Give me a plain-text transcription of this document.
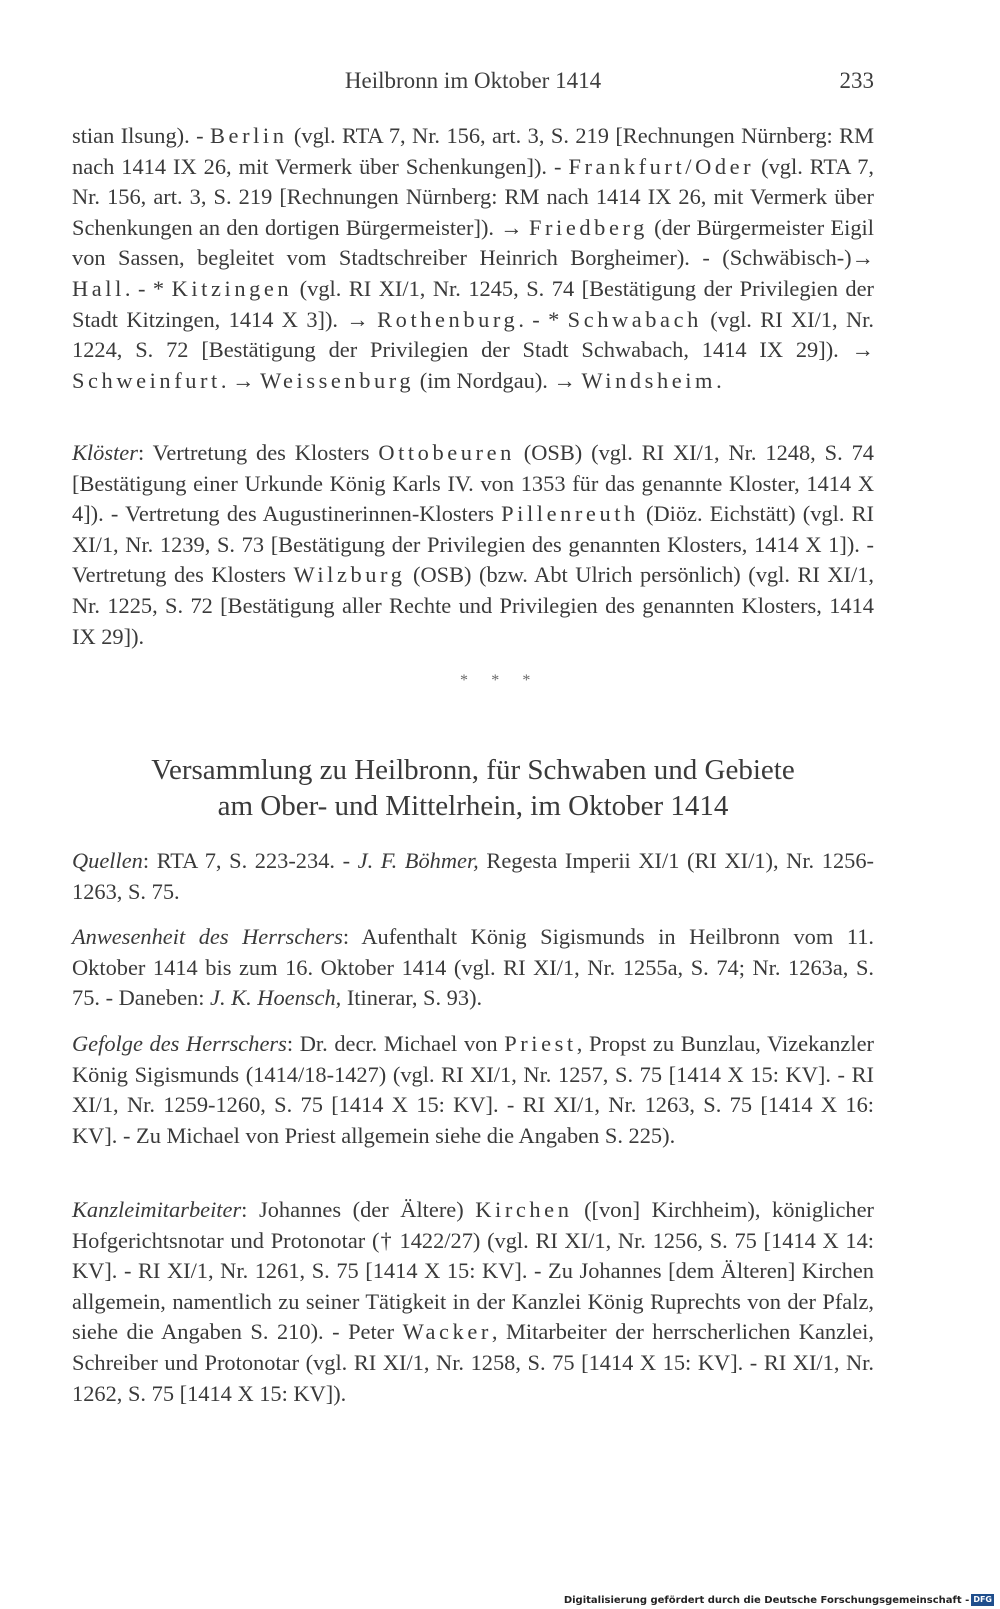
Heilbronn im Oktober 1414	233

stian Ilsung). - Berlin (vgl. RTA 7, Nr. 156, art. 3, S. 219 [Rechnungen Nürnberg: RM nach 1414 IX 26, mit Vermerk über Schenkungen]). - Frankfurt/Oder (vgl. RTA 7, Nr. 156, art. 3, S. 219 [Rechnungen Nürnberg: RM nach 1414 IX 26, mit Vermerk über Schenkungen an den dortigen Bürgermeister]). → Friedberg (der Bürgermeister Eigil von Sassen, begleitet vom Stadtschreiber Heinrich Borgheimer). - (Schwäbisch-)→ Hall. - * Kitzingen (vgl. RI XI/1, Nr. 1245, S. 74 [Bestätigung der Privilegien der Stadt Kitzingen, 1414 X 3]). → Rothenburg. - * Schwabach (vgl. RI XI/1, Nr. 1224, S. 72 [Bestätigung der Privilegien der Stadt Schwabach, 1414 IX 29]). → Schweinfurt. → Weissenburg (im Nordgau). → Windsheim.

Klöster: Vertretung des Klosters Ottobeuren (OSB) (vgl. RI XI/1, Nr. 1248, S. 74 [Bestätigung einer Urkunde König Karls IV. von 1353 für das genannte Kloster, 1414 X 4]). - Vertretung des Augustinerinnen-Klosters Pillenreuth (Diöz. Eichstätt) (vgl. RI XI/1, Nr. 1239, S. 73 [Bestätigung der Privilegien des genannten Klosters, 1414 X 1]). - Vertretung des Klosters Wilzburg (OSB) (bzw. Abt Ulrich persönlich) (vgl. RI XI/1, Nr. 1225, S. 72 [Bestätigung aller Rechte und Privilegien des genannten Klosters, 1414 IX 29]).

* * *
Versammlung zu Heilbronn, für Schwaben und Gebiete
am Ober- und Mittelrhein, im Oktober 1414

Quellen: RTA 7, S. 223-234. - J. F. Böhmer, Regesta Imperii XI/1 (RI XI/1), Nr. 1256-1263, S. 75.

Anwesenheit des Herrschers: Aufenthalt König Sigismunds in Heilbronn vom 11. Oktober 1414 bis zum 16. Oktober 1414 (vgl. RI XI/1, Nr. 1255a, S. 74; Nr. 1263a, S. 75. - Daneben: J. K. Hoensch, Itinerar, S. 93).

Gefolge des Herrschers: Dr. decr. Michael von Priest, Propst zu Bunzlau, Vizekanzler König Sigismunds (1414/18-1427) (vgl. RI XI/1, Nr. 1257, S. 75 [1414 X 15: KV]. - RI XI/1, Nr. 1259-1260, S. 75 [1414 X 15: KV]. - RI XI/1, Nr. 1263, S. 75 [1414 X 16: KV]. - Zu Michael von Priest allgemein siehe die Angaben S. 225).

Kanzleimitarbeiter: Johannes (der Ältere) Kirchen ([von] Kirchheim), königlicher Hofgerichtsnotar und Protonotar († 1422/27) (vgl. RI XI/1, Nr. 1256, S. 75 [1414 X 14: KV]. - RI XI/1, Nr. 1261, S. 75 [1414 X 15: KV]. - Zu Johannes [dem Älteren] Kirchen allgemein, namentlich zu seiner Tätigkeit in der Kanzlei König Ruprechts von der Pfalz, siehe die Angaben S. 210). - Peter Wacker, Mitarbeiter der herrscherlichen Kanzlei, Schreiber und Protonotar (vgl. RI XI/1, Nr. 1258, S. 75 [1414 X 15: KV]. - RI XI/1, Nr. 1262, S. 75 [1414 X 15: KV]).

Digitalisierung gefördert durch die Deutsche Forschungsgemeinschaft - DFG
